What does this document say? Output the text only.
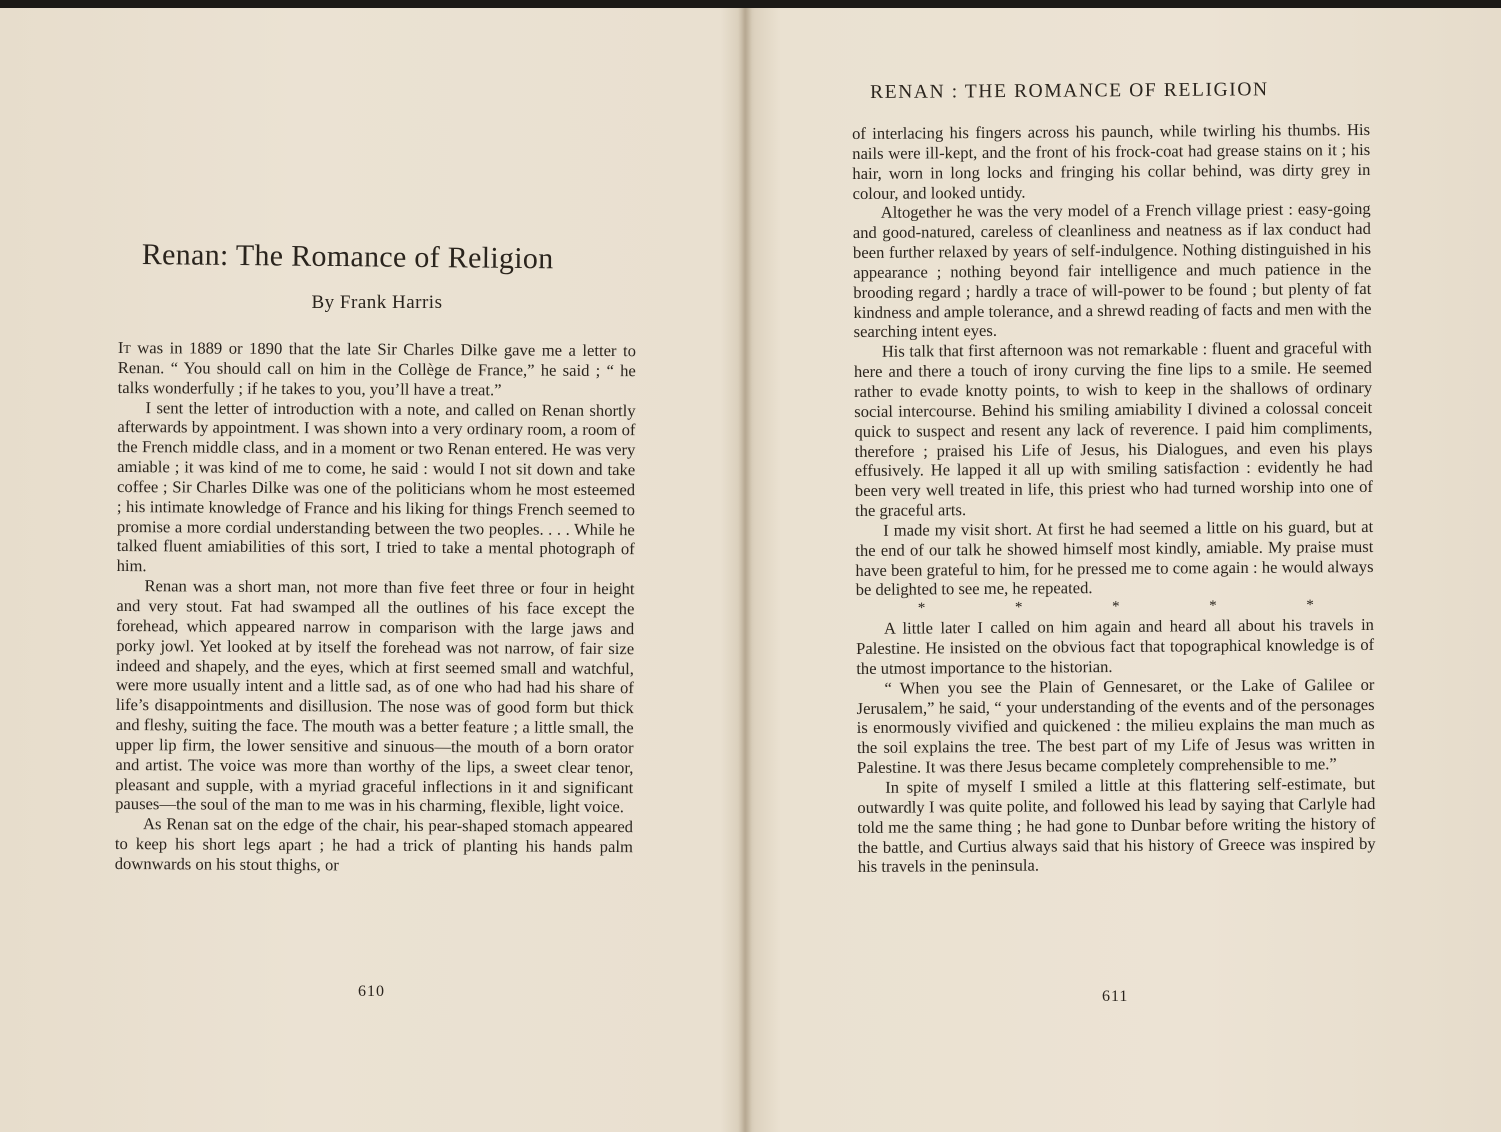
Renan: The Romance of Religion
By Frank Harris

It was in 1889 or 1890 that the late Sir Charles Dilke gave me a letter to Renan. “ You should call on him in the Collège de France,” he said ; “ he talks wonderfully ; if he takes to you, you’ll have a treat.”

I sent the letter of introduction with a note, and called on Renan shortly afterwards by appointment. I was shown into a very ordinary room, a room of the French middle class, and in a moment or two Renan entered. He was very amiable ; it was kind of me to come, he said : would I not sit down and take coffee ; Sir Charles Dilke was one of the politicians whom he most esteemed ; his intimate knowledge of France and his liking for things French seemed to promise a more cordial understanding between the two peoples. . . . While he talked fluent amiabilities of this sort, I tried to take a mental photograph of him.

Renan was a short man, not more than five feet three or four in height and very stout. Fat had swamped all the outlines of his face except the forehead, which appeared narrow in comparison with the large jaws and porky jowl. Yet looked at by itself the forehead was not narrow, of fair size indeed and shapely, and the eyes, which at first seemed small and watchful, were more usually intent and a little sad, as of one who had had his share of life’s disappointments and disillusion. The nose was of good form but thick and fleshy, suiting the face. The mouth was a better feature ; a little small, the upper lip firm, the lower sensitive and sinuous—the mouth of a born orator and artist. The voice was more than worthy of the lips, a sweet clear tenor, pleasant and supple, with a myriad graceful inflections in it and significant pauses—the soul of the man to me was in his charming, flexible, light voice.

As Renan sat on the edge of the chair, his pear-shaped stomach appeared to keep his short legs apart ; he had a trick of planting his hands palm downwards on his stout thighs, or

610
RENAN : THE ROMANCE OF RELIGION

of interlacing his fingers across his paunch, while twirling his thumbs. His nails were ill-kept, and the front of his frock-coat had grease stains on it ; his hair, worn in long locks and fringing his collar behind, was dirty grey in colour, and looked untidy.

Altogether he was the very model of a French village priest : easy-going and good-natured, careless of cleanliness and neatness as if lax conduct had been further relaxed by years of self-indulgence. Nothing distinguished in his appearance ; nothing beyond fair intelligence and much patience in the brooding regard ; hardly a trace of will-power to be found ; but plenty of fat kindness and ample tolerance, and a shrewd reading of facts and men with the searching intent eyes.

His talk that first afternoon was not remarkable : fluent and graceful with here and there a touch of irony curving the fine lips to a smile. He seemed rather to evade knotty points, to wish to keep in the shallows of ordinary social intercourse. Behind his smiling amiability I divined a colossal conceit quick to suspect and resent any lack of reverence. I paid him compliments, therefore ; praised his Life of Jesus, his Dialogues, and even his plays effusively. He lapped it all up with smiling satisfaction : evidently he had been very well treated in life, this priest who had turned worship into one of the graceful arts.

I made my visit short. At first he had seemed a little on his guard, but at the end of our talk he showed himself most kindly, amiable. My praise must have been grateful to him, for he pressed me to come again : he would always be delighted to see me, he repeated.

*	*	*	*	*

A little later I called on him again and heard all about his travels in Palestine. He insisted on the obvious fact that topographical knowledge is of the utmost importance to the historian.

“ When you see the Plain of Gennesaret, or the Lake of Galilee or Jerusalem,” he said, “ your understanding of the events and of the personages is enormously vivified and quickened : the milieu explains the man much as the soil explains the tree. The best part of my Life of Jesus was written in Palestine. It was there Jesus became completely comprehensible to me.”

In spite of myself I smiled a little at this flattering self-estimate, but outwardly I was quite polite, and followed his lead by saying that Carlyle had told me the same thing ; he had gone to Dunbar before writing the history of the battle, and Curtius always said that his history of Greece was inspired by his travels in the peninsula.

611
